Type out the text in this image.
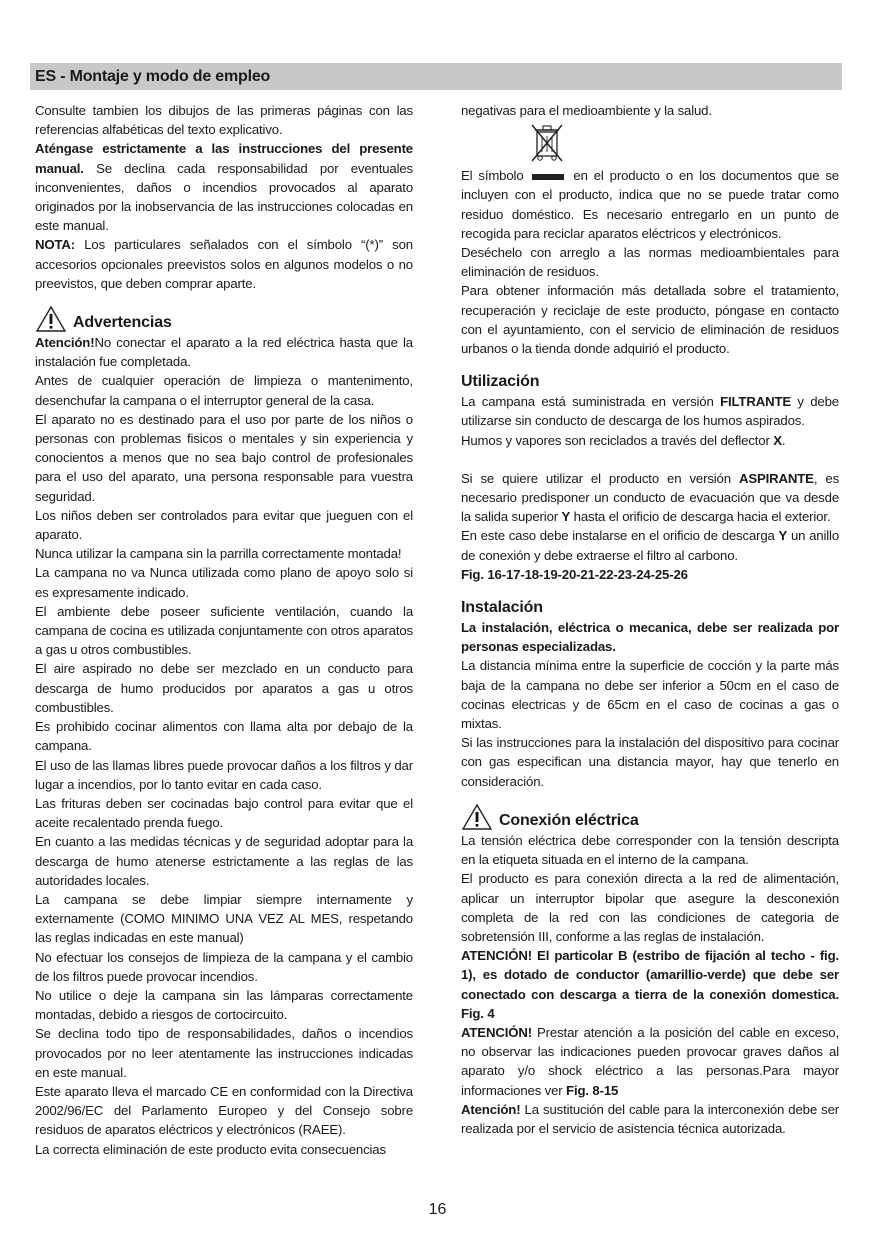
ES - Montaje y modo de empleo

Consulte tambien los dibujos de las primeras páginas con las referencias alfabéticas del texto explicativo.

Aténgase estrictamente a las instrucciones del presente manual. Se declina cada responsabilidad por eventuales inconvenientes, daños o incendios provocados al aparato originados por la inobservancia de las instrucciones colocadas en este manual.

NOTA: Los particulares señalados con el símbolo “(*)” son accesorios opcionales preevistos solos en algunos modelos o no preevistos, que deben comprar aparte.

Advertencias

Atención!No conectar el aparato a la red eléctrica hasta que la instalación fue completada.

Antes de cualquier operación de limpieza o mantenimento, desenchufar la campana o el interruptor general de la casa.

El aparato no es destinado para el uso por parte de los niños o personas con problemas fisicos o mentales y sin experiencia y conocientos a menos que no sea bajo control de profesionales para el uso del aparato, una persona responsable para vuestra seguridad.

Los niños deben ser controlados para evitar que jueguen con el aparato.

Nunca utilizar la campana sin la parrilla correctamente montada!

La campana no va Nunca utilizada como plano de apoyo solo si es expresamente indicado.

El ambiente debe poseer suficiente ventilación, cuando la campana de cocina es utilizada conjuntamente con otros aparatos a gas u otros combustibles.

El aire aspirado no debe ser mezclado en un conducto para descarga de humo producidos por aparatos a gas u otros combustibles.

Es prohibido cocinar alimentos con llama alta por debajo de la campana.

El uso de las llamas libres puede provocar daños a los filtros y dar lugar a incendios, por lo tanto evitar en cada caso.

Las frituras deben ser cocinadas bajo control para evitar que el aceite recalentado prenda fuego.

En cuanto a las medidas técnicas y de seguridad adoptar para la descarga de humo atenerse estrictamente a las reglas de las autoridades locales.

La campana se debe limpiar siempre internamente y externamente (COMO MINIMO UNA VEZ AL MES, respetando las reglas indicadas en este manual)

No efectuar los consejos de limpieza de la campana y el cambio de los filtros puede provocar incendios.

No utilice o deje la campana sin las lámparas correctamente montadas, debido a riesgos de cortocircuito.

Se declina todo tipo de responsabilidades, daños o incendios provocados por no leer atentamente las instrucciones indicadas en este manual.

Este aparato lleva el marcado CE en conformidad con la Directiva 2002/96/EC del Parlamento Europeo y del Consejo sobre residuos de aparatos eléctricos y electrónicos (RAEE).

La correcta eliminación de este producto evita consecuencias

negativas para el medioambiente y la salud.

El símbolo	en el producto o en los documentos que se incluyen con el producto, indica que no se puede tratar como residuo doméstico. Es necesario entregarlo en un punto de recogida para reciclar aparatos eléctricos y electrónicos.

Deséchelo con arreglo a las normas medioambientales para eliminación de residuos.

Para obtener información más detallada sobre el tratamiento, recuperación y reciclaje de este producto, póngase en contacto con el ayuntamiento, con el servicio de eliminación de residuos urbanos o la tienda donde adquirió el producto.

Utilización

La campana está suministrada en versión FILTRANTE y debe utilizarse sin conducto de descarga de los humos aspirados.

Humos y vapores son reciclados a través del deflector X.

Si se quiere utilizar el producto en versión ASPIRANTE, es necesario predisponer un conducto de evacuación que va desde la salida superior Y hasta el orificio de descarga hacia el exterior.

En este caso debe instalarse en el orificio de descarga Y un anillo de conexión y debe extraerse el filtro al carbono.

Fig. 16-17-18-19-20-21-22-23-24-25-26

Instalación

La instalación, eléctrica o mecanica, debe ser realizada por personas especializadas.

La distancia mínima entre la superficie de cocción y la parte más baja de la campana no debe ser inferior a 50cm en el caso de cocinas electricas y de 65cm en el caso de cocinas a gas o mixtas.

Si las instrucciones para la instalación del dispositivo para cocinar con gas especifican una distancia mayor, hay que tenerlo en consideración.

Conexión eléctrica

La tensión eléctrica debe corresponder con la tensión descripta en la etiqueta situada en el interno de la campana.

El producto es para conexión directa a la red de alimentación, aplicar un interruptor bipolar que asegure la desconexión completa de la red con las condiciones de categoria de sobretensión III, conforme a las reglas de instalación.

ATENCIÓN! El particolar B (estribo de fijación al techo - fig. 1), es dotado de conductor (amarillio-verde) que debe ser conectado con descarga a tierra de la conexión domestica. Fig. 4

ATENCIÓN! Prestar atención a la posición del cable en exceso, no observar las indicaciones pueden provocar graves daños al aparato y/o shock eléctrico a las personas.Para mayor informaciones ver Fig. 8-15

Atención! La sustitución del cable para la interconexión debe ser realizada por el servicio de asistencia técnica autorizada.

16
